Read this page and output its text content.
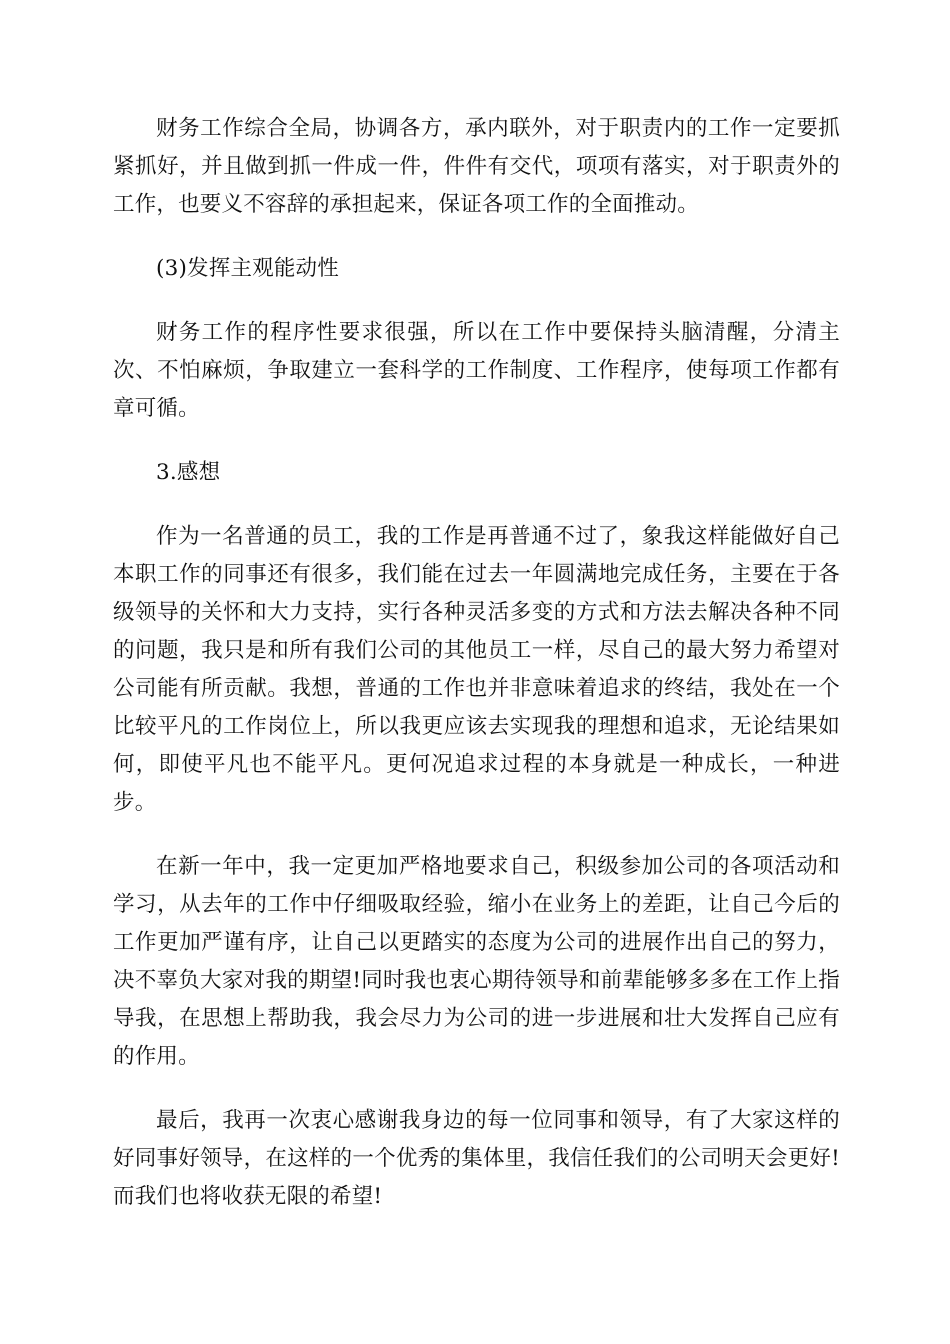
财务工作综合全局，协调各方，承内联外，对于职责内的工作一定要抓紧抓好，并且做到抓一件成一件，件件有交代，项项有落实，对于职责外的工作，也要义不容辞的承担起来，保证各项工作的全面推动。

(3)发挥主观能动性

财务工作的程序性要求很强，所以在工作中要保持头脑清醒，分清主次、不怕麻烦，争取建立一套科学的工作制度、工作程序，使每项工作都有章可循。

3.感想

作为一名普通的员工，我的工作是再普通不过了，象我这样能做好自己本职工作的同事还有很多，我们能在过去一年圆满地完成任务，主要在于各级领导的关怀和大力支持，实行各种灵活多变的方式和方法去解决各种不同的问题，我只是和所有我们公司的其他员工一样，尽自己的最大努力希望对公司能有所贡献。我想，普通的工作也并非意味着追求的终结，我处在一个比较平凡的工作岗位上，所以我更应该去实现我的理想和追求，无论结果如何，即使平凡也不能平凡。更何况追求过程的本身就是一种成长，一种进步。

在新一年中，我一定更加严格地要求自己，积级参加公司的各项活动和学习，从去年的工作中仔细吸取经验，缩小在业务上的差距，让自己今后的工作更加严谨有序，让自己以更踏实的态度为公司的进展作出自己的努力，决不辜负大家对我的期望!同时我也衷心期待领导和前辈能够多多在工作上指导我，在思想上帮助我，我会尽力为公司的进一步进展和壮大发挥自己应有的作用。

最后，我再一次衷心感谢我身边的每一位同事和领导，有了大家这样的好同事好领导，在这样的一个优秀的集体里，我信任我们的公司明天会更好!而我们也将收获无限的希望!
